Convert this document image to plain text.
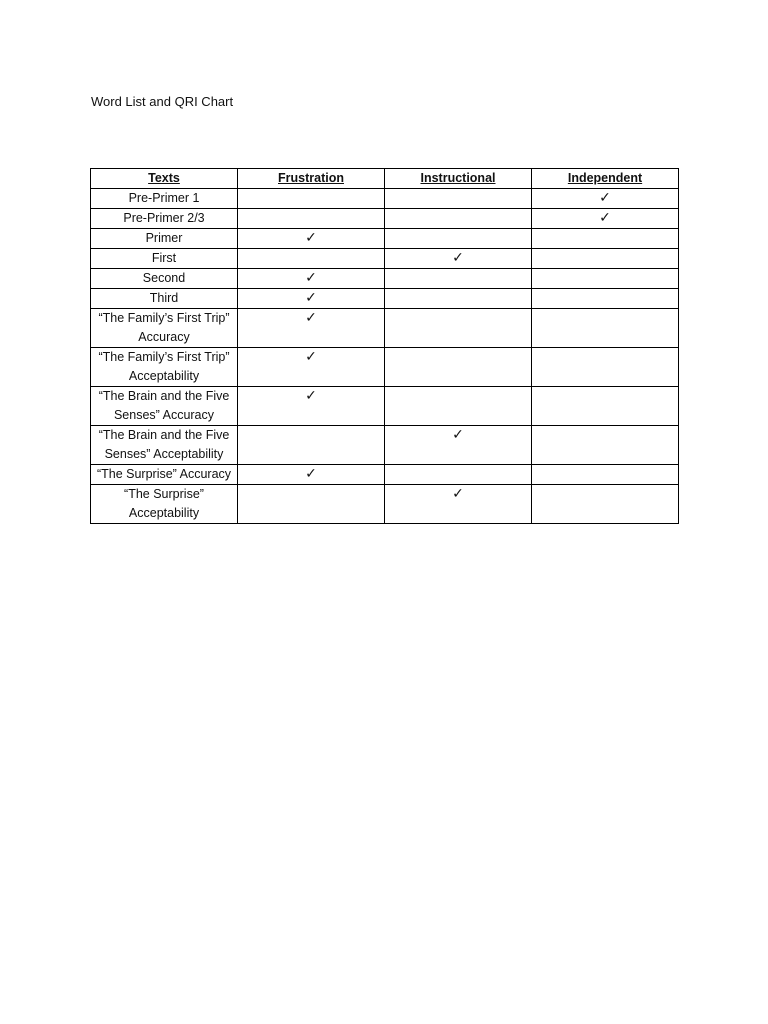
Word List and QRI Chart
Texts	Frustration	Instructional	Independent
Pre-Primer 1			✓
Pre-Primer 2/3			✓
Primer	✓		
First		✓	
Second	✓		
Third	✓		
“The Family’s First Trip” Accuracy	✓		
“The Family’s First Trip” Acceptability	✓		
“The Brain and the Five Senses” Accuracy	✓		
“The Brain and the Five Senses” Acceptability		✓	
“The Surprise” Accuracy	✓		
“The Surprise” Acceptability		✓	
